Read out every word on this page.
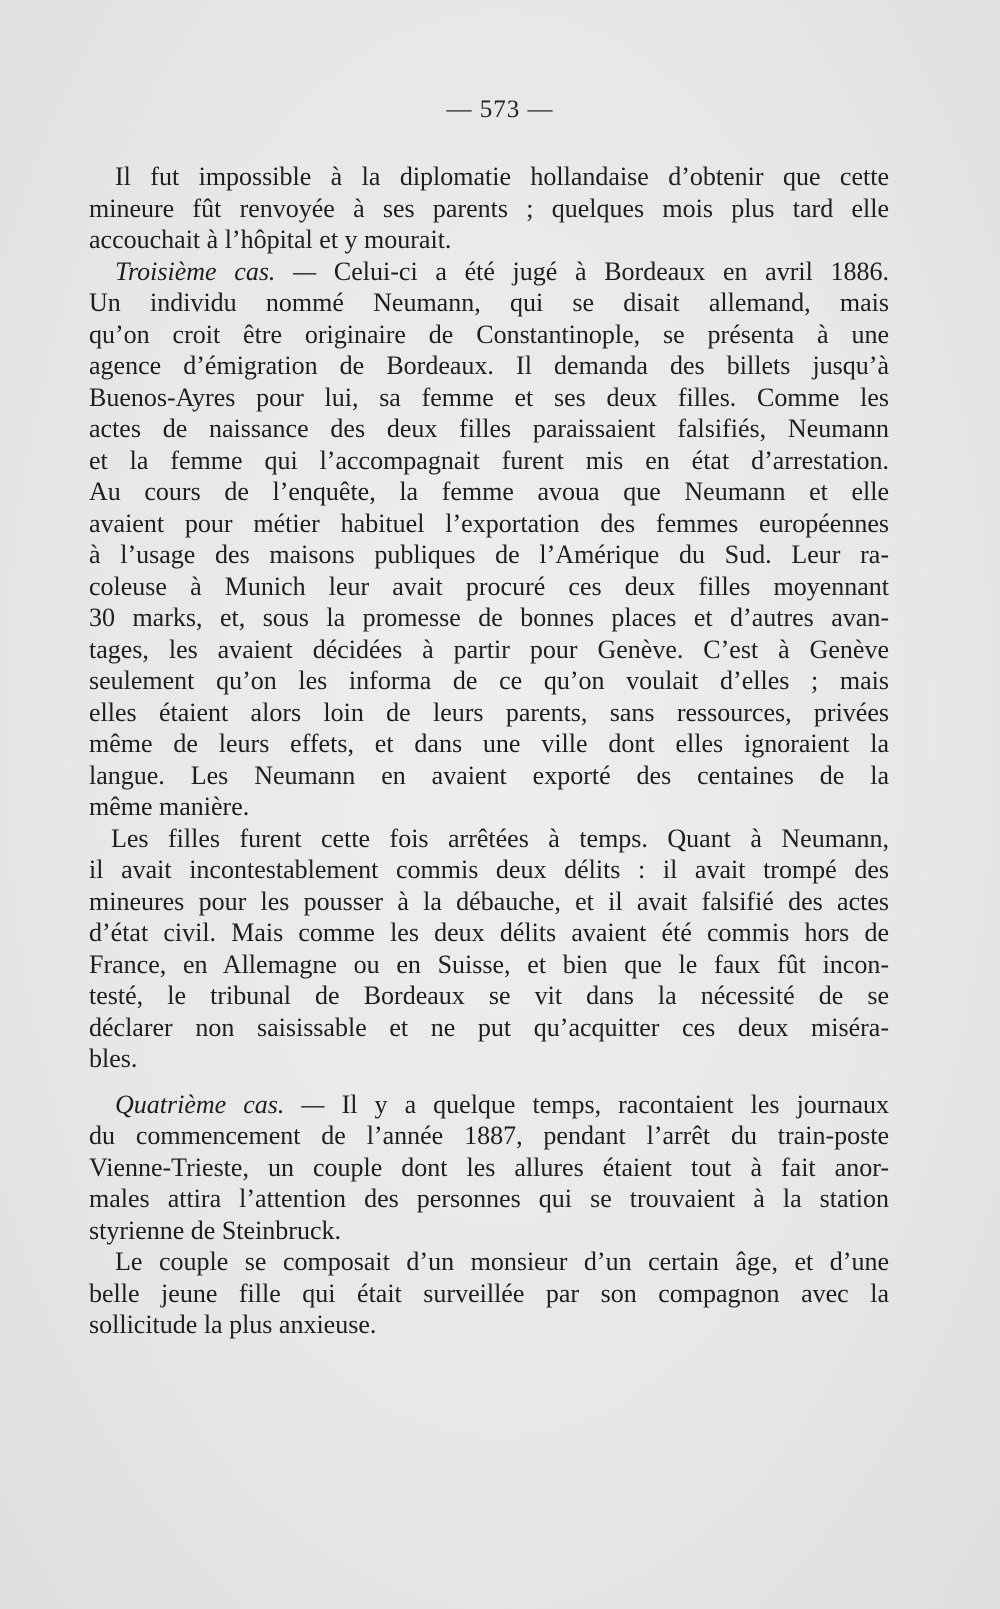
— 573 —
Il fut impossible à la diplomatie hollandaise d’obtenir que cette
mineure fût renvoyée à ses parents ; quelques mois plus tard elle
accouchait à l’hôpital et y mourait.
Troisième cas. — Celui-ci a été jugé à Bordeaux en avril 1886.
Un individu nommé Neumann, qui se disait allemand, mais
qu’on croit être originaire de Constantinople, se présenta à une
agence d’émigration de Bordeaux. Il demanda des billets jusqu’à
Buenos-Ayres pour lui, sa femme et ses deux filles. Comme les
actes de naissance des deux filles paraissaient falsifiés, Neumann
et la femme qui l’accompagnait furent mis en état d’arrestation.
Au cours de l’enquête, la femme avoua que Neumann et elle
avaient pour métier habituel l’exportation des femmes européennes
à l’usage des maisons publiques de l’Amérique du Sud. Leur ra-
coleuse à Munich leur avait procuré ces deux filles moyennant
30 marks, et, sous la promesse de bonnes places et d’autres avan-
tages, les avaient décidées à partir pour Genève. C’est à Genève
seulement qu’on les informa de ce qu’on voulait d’elles ; mais
elles étaient alors loin de leurs parents, sans ressources, privées
même de leurs effets, et dans une ville dont elles ignoraient la
langue. Les Neumann en avaient exporté des centaines de la
même manière.
Les filles furent cette fois arrêtées à temps. Quant à Neumann,
il avait incontestablement commis deux délits : il avait trompé des
mineures pour les pousser à la débauche, et il avait falsifié des actes
d’état civil. Mais comme les deux délits avaient été commis hors de
France, en Allemagne ou en Suisse, et bien que le faux fût incon-
testé, le tribunal de Bordeaux se vit dans la nécessité de se
déclarer non saisissable et ne put qu’acquitter ces deux miséra-
bles.
Quatrième cas. — Il y a quelque temps, racontaient les journaux
du commencement de l’année 1887, pendant l’arrêt du train-poste
Vienne-Trieste, un couple dont les allures étaient tout à fait anor-
males attira l’attention des personnes qui se trouvaient à la station
styrienne de Steinbruck.
Le couple se composait d’un monsieur d’un certain âge, et d’une
belle jeune fille qui était surveillée par son compagnon avec la
sollicitude la plus anxieuse.
